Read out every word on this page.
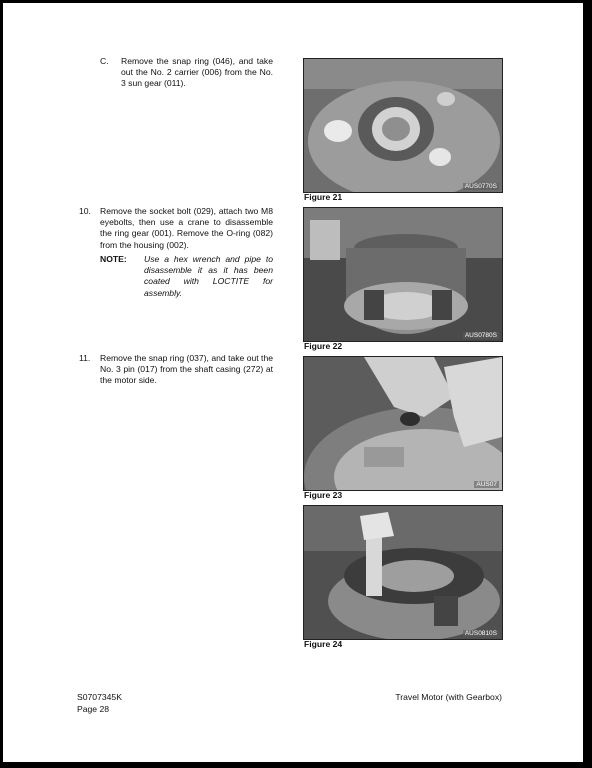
C. Remove the snap ring (046), and take out the No. 2 carrier (006) from the No. 3 sun gear (011).
10. Remove the socket bolt (029), attach two M8 eyebolts, then use a crane to disassemble the ring gear (001). Remove the O-ring (082) from the housing (002).
NOTE: Use a hex wrench and pipe to disassemble it as it has been coated with LOCTITE for assembly.
11. Remove the snap ring (037), and take out the No. 3 pin (017) from the shaft casing (272) at the motor side.
AUS0770S
Figure 21
AUS0780S
Figure 22
AUS07
Figure 23
AUS0810S
Figure 24
S0707345K
Page 28
Travel Motor (with Gearbox)
